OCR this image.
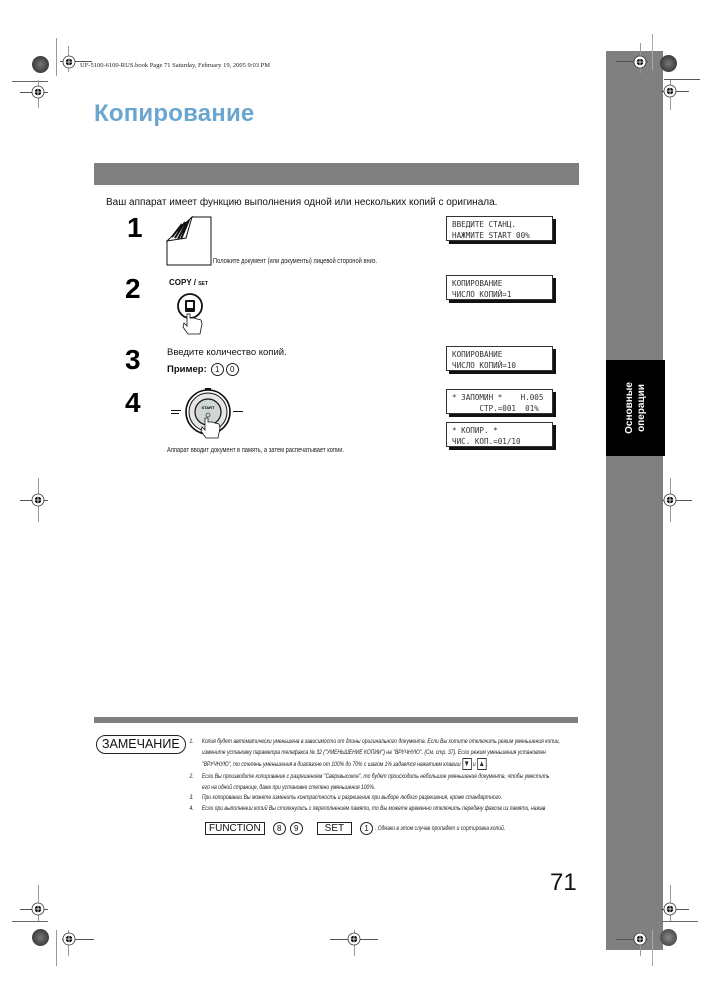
Основные операции
UF-5100-6100-RUS.book Page 71 Saturday, February 19, 2005 9:03 PM
Копирование
Ваш аппарат имеет функцию выполнения одной или нескольких копий с оригинала.
1
Положите документ (или документы) лицевой стороной вниз.
ВВЕДИТЕ СТАНЦ.
НАЖМИТЕ START 00%
2	COPY / SET	КОПИРОВАНИЕ
ЧИСЛО КОПИЙ=1
3	Введите количество копий.
Пример:	1	0
КОПИРОВАНИЕ
ЧИСЛО КОПИЙ=10
4	START
Аппарат вводит документ в память, а затем распечатывает копии.
* ЗАПОМИН *    Н.005
СТР.=001  01%
* КОПИР. *
ЧИС. КОП.=01/10
ЗАМЕЧАНИЕ	1. Копия будет автоматически уменьшена в зависимости от длины оригинального документа. Если Вы хотите отключить режим уменьшения копии,
измените установку параметра телефакса № 32 ("УМЕНЬШЕНИЕ КОПИИ") на "ВРУЧНУЮ". (См. стр. 37). Если режим уменьшения установлен
"ВРУЧНУЮ", то степень уменьшения в диапазоне от 100% до 70% с шагом 1% задается нажатием клавиш ▼ и ▲ .
2. Если Вы производите копирование с разрешением "Сверхвысокое", то будет происходить небольшое уменьшение документа, чтобы уместить
его на одной странице, даже при установке степени уменьшения 100%.
3. При копировании Вы можете изменить контрастность и разрешение при выборе любого разрешения, кроме стандартного.
4. Если при выполнении копий Вы столкнулись с переполнением памяти, то Вы можете временно отключить передачу факсов из памяти, нажав
FUNCTION	8	9	SET	1 . Однако в этом случае пропадет и сортировка копий.
71
